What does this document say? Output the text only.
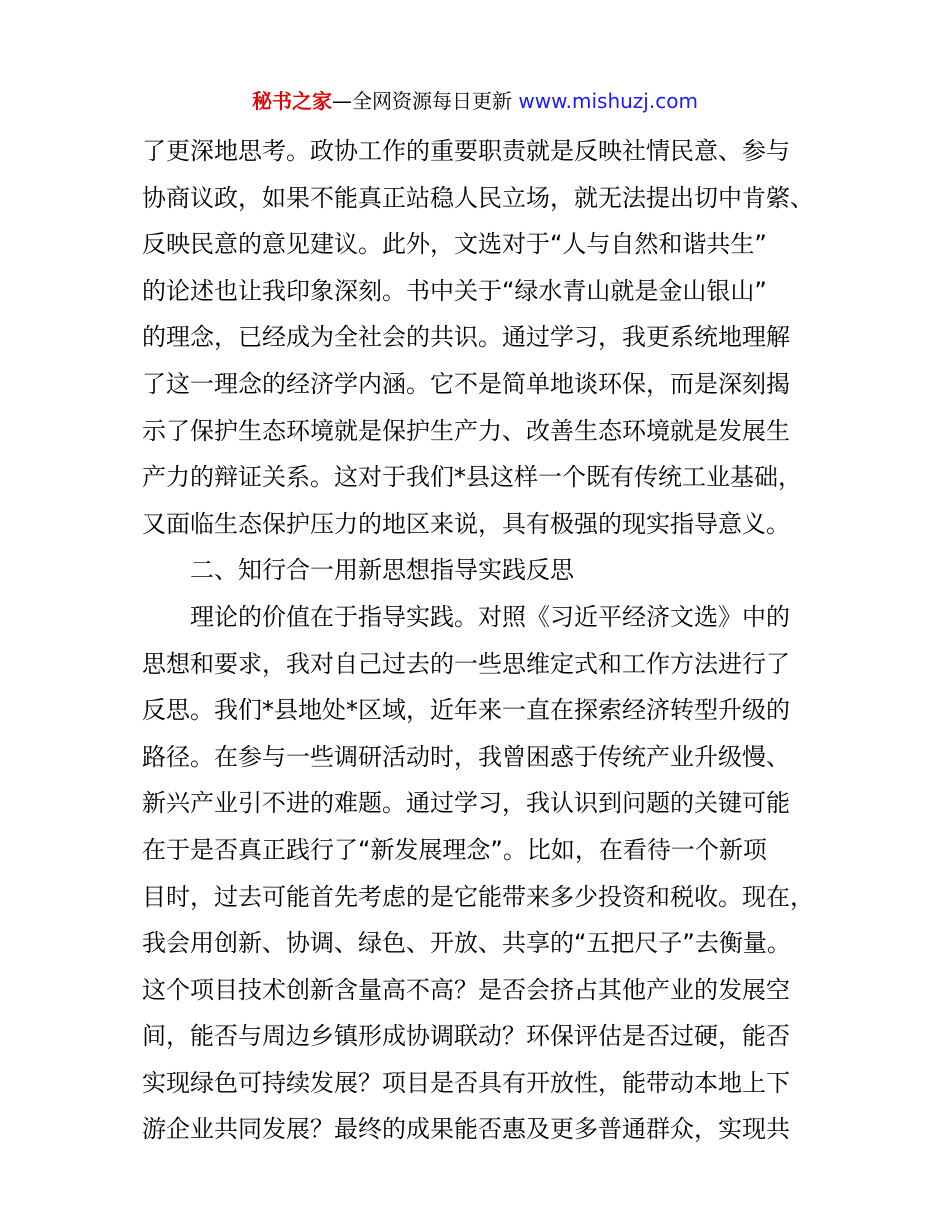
秘书之家—全网资源每日更新 www.mishuzj.com
了更深地思考。政协工作的重要职责就是反映社情民意、参与
协商议政，如果不能真正站稳人民立场，就无法提出切中肯綮、
反映民意的意见建议。此外，文选对于“人与自然和谐共生”
的论述也让我印象深刻。书中关于“绿水青山就是金山银山”
的理念，已经成为全社会的共识。通过学习，我更系统地理解
了这一理念的经济学内涵。它不是简单地谈环保，而是深刻揭
示了保护生态环境就是保护生产力、改善生态环境就是发展生
产力的辩证关系。这对于我们*县这样一个既有传统工业基础，
又面临生态保护压力的地区来说，具有极强的现实指导意义。
二、知行合一用新思想指导实践反思
理论的价值在于指导实践。对照《习近平经济文选》中的
思想和要求，我对自己过去的一些思维定式和工作方法进行了
反思。我们*县地处*区域，近年来一直在探索经济转型升级的
路径。在参与一些调研活动时，我曾困惑于传统产业升级慢、
新兴产业引不进的难题。通过学习，我认识到问题的关键可能
在于是否真正践行了“新发展理念”。比如，在看待一个新项
目时，过去可能首先考虑的是它能带来多少投资和税收。现在，
我会用创新、协调、绿色、开放、共享的“五把尺子”去衡量。
这个项目技术创新含量高不高？是否会挤占其他产业的发展空
间，能否与周边乡镇形成协调联动？环保评估是否过硬，能否
实现绿色可持续发展？项目是否具有开放性，能带动本地上下
游企业共同发展？最终的成果能否惠及更多普通群众，实现共
